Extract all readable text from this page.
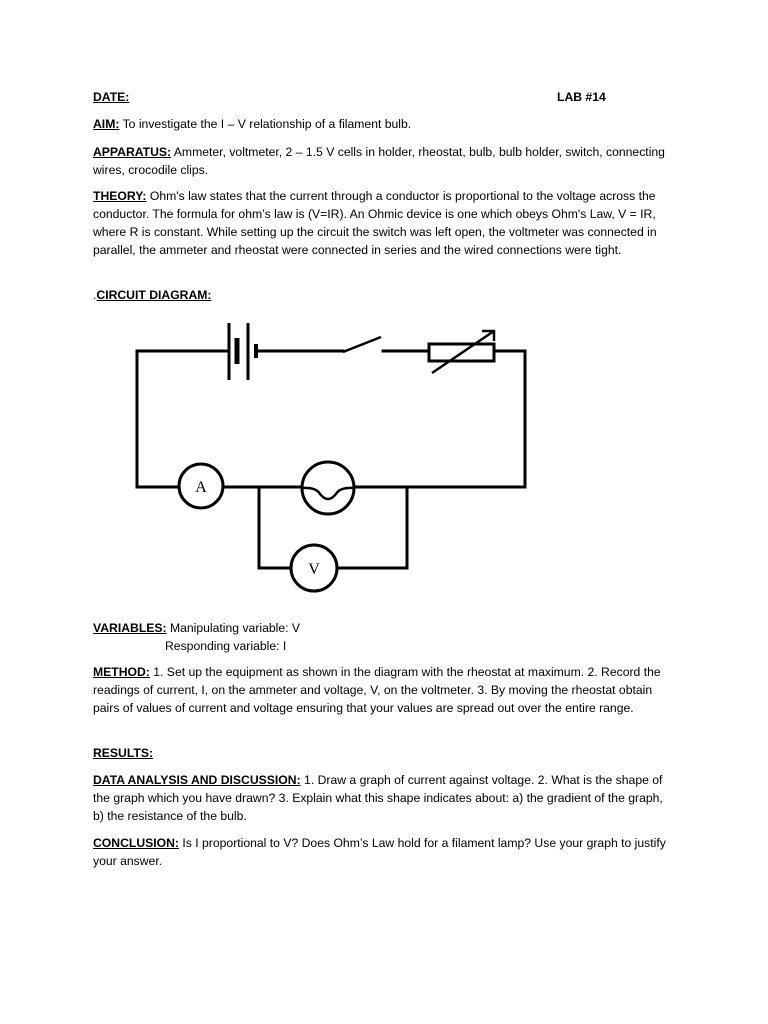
DATE:	LAB #14

AIM: To investigate the I – V relationship of a filament bulb.

APPARATUS: Ammeter, voltmeter, 2 – 1.5 V cells in holder, rheostat, bulb, bulb holder, switch, connecting wires, crocodile clips.

THEORY: Ohm's law states that the current through a conductor is proportional to the voltage across the conductor. The formula for ohm’s law is (V=IR). An Ohmic device is one which obeys Ohm's Law, V = IR, where R is constant. While setting up the circuit the switch was left open, the voltmeter was connected in parallel, the ammeter and rheostat were connected in series and the wired connections were tight.

.CIRCUIT DIAGRAM:

A
V

VARIABLES: Manipulating variable: V
Responding variable: I

METHOD: 1. Set up the equipment as shown in the diagram with the rheostat at maximum. 2. Record the readings of current, I, on the ammeter and voltage, V, on the voltmeter. 3. By moving the rheostat obtain pairs of values of current and voltage ensuring that your values are spread out over the entire range.

RESULTS:

DATA ANALYSIS AND DISCUSSION: 1. Draw a graph of current against voltage. 2. What is the shape of the graph which you have drawn? 3. Explain what this shape indicates about: a) the gradient of the graph, b) the resistance of the bulb.

CONCLUSION: Is I proportional to V? Does Ohm’s Law hold for a filament lamp? Use your graph to justify your answer.
